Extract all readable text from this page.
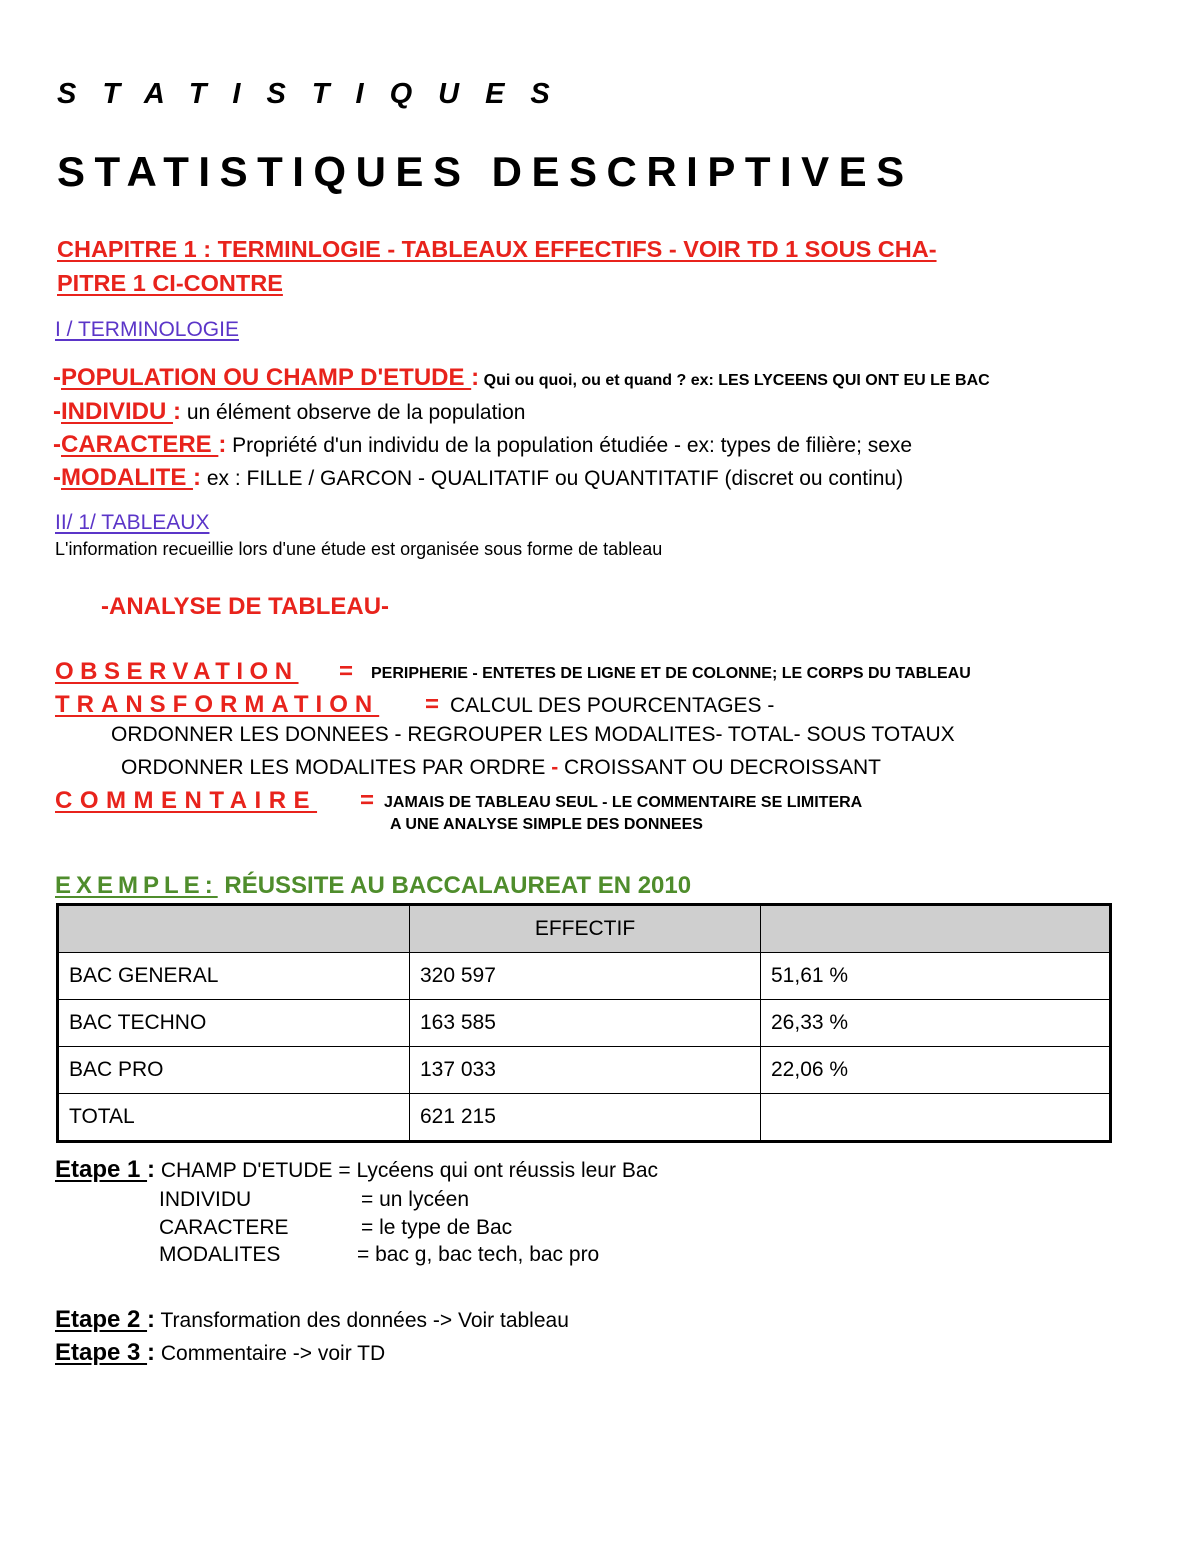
STATISTIQUES
STATISTIQUES DESCRIPTIVES
CHAPITRE 1 : TERMINLOGIE - TABLEAUX EFFECTIFS - VOIR TD 1 SOUS CHA-
PITRE 1 CI-CONTRE
I / TERMINOLOGIE
-POPULATION OU CHAMP D'ETUDE : Qui ou quoi, ou et quand ? ex: LES LYCEENS QUI ONT EU LE BAC
-INDIVIDU : un élément observe de la population
-CARACTERE : Propriété d'un individu de la population étudiée - ex: types de filière; sexe
-MODALITE : ex : FILLE / GARCON - QUALITATIF ou QUANTITATIF (discret ou continu)
II/ 1/ TABLEAUX
L'information recueillie lors d'une étude est organisée sous forme de tableau
-ANALYSE DE TABLEAU-
OBSERVATION = PERIPHERIE - ENTETES DE LIGNE ET DE COLONNE; LE CORPS DU TABLEAU
TRANSFORMATION = CALCUL DES POURCENTAGES -
ORDONNER LES DONNEES - REGROUPER LES MODALITES- TOTAL- SOUS TOTAUX
ORDONNER LES MODALITES PAR ORDRE - CROISSANT OU DECROISSANT
COMMENTAIRE = JAMAIS DE TABLEAU SEUL - LE COMMENTAIRE SE LIMITERA
A UNE ANALYSE SIMPLE DES DONNEES
EXEMPLE: RÉUSSITE AU BACCALAUREAT EN 2010
	EFFECTIF	
BAC GENERAL	320 597	51,61 %
BAC TECHNO	163 585	26,33 %
BAC PRO	137 033	22,06 %
TOTAL	621 215	
Etape 1 : CHAMP D'ETUDE = Lycéens qui ont réussis leur Bac
INDIVIDU	= un lycéen
CARACTERE	= le type de Bac
MODALITES	= bac g, bac tech, bac pro
Etape 2 : Transformation des données -> Voir tableau
Etape 3 : Commentaire -> voir TD
